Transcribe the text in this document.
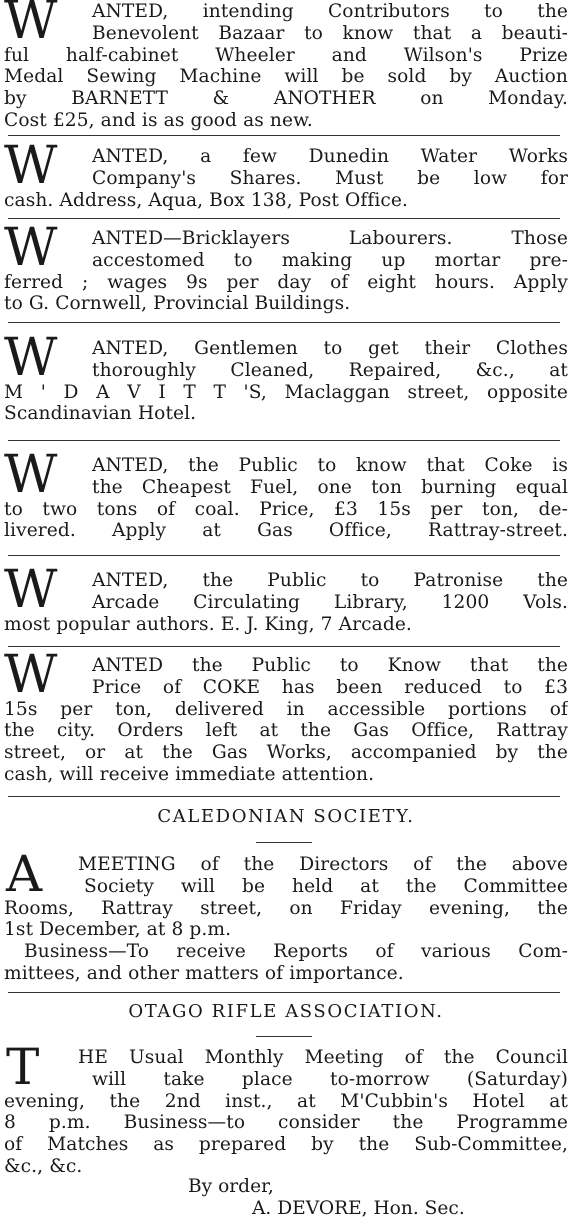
W	ANTED, intending Contributors to the
Benevolent Bazaar to know that a beauti-
ful half-cabinet Wheeler and Wilson's Prize
Medal Sewing Machine will be sold by Auction
by BARNETT & ANOTHER on Monday.
Cost £25, and is as good as new.
W	ANTED, a few Dunedin Water Works
Company's Shares. Must be low for
cash. Address, Aqua, Box 138, Post Office.
W	ANTED—Bricklayers Labourers. Those
accestomed to making up mortar pre-
ferred ; wages 9s per day of eight hours. Apply
to G. Cornwell, Provincial Buildings.
W	ANTED, Gentlemen to get their Clothes
thoroughly Cleaned, Repaired, &c., at
M ' D A V I T T 'S, Maclaggan street, opposite
Scandinavian Hotel.
W	ANTED, the Public to know that Coke is
the Cheapest Fuel, one ton burning equal
to two tons of coal. Price, £3 15s per ton, de-
livered. Apply at Gas Office, Rattray-street.
W	ANTED, the Public to Patronise the
Arcade Circulating Library, 1200 Vols.
most popular authors. E. J. King, 7 Arcade.
W	ANTED the Public to Know that the
Price of COKE has been reduced to £3
15s per ton, delivered in accessible portions of
the city. Orders left at the Gas Office, Rattray
street, or at the Gas Works, accompanied by the
cash, will receive immediate attention.
CALEDONIAN SOCIETY.
A	MEETING of the Directors of the above
Society will be held at the Committee
Rooms, Rattray street, on Friday evening, the
1st December, at 8 p.m.
Business—To receive Reports of various Com-
mittees, and other matters of importance.
OTAGO RIFLE ASSOCIATION.
T	HE Usual Monthly Meeting of the Council
will take place to-morrow (Saturday)
evening, the 2nd inst., at M'Cubbin's Hotel at
8 p.m. Business—to consider the Programme
of Matches as prepared by the Sub-Committee,
&c., &c.
By order,
A. DEVORE, Hon. Sec.
